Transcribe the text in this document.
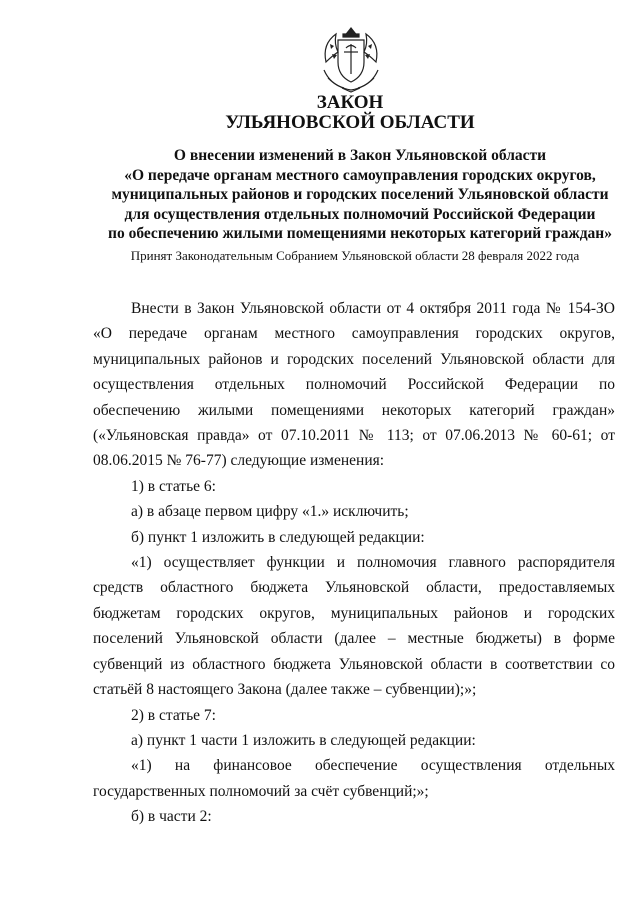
ЗАКОН
УЛЬЯНОВСКОЙ ОБЛАСТИ
О внесении изменений в Закон Ульяновской области
«О передаче органам местного самоуправления городских округов,
муниципальных районов и городских поселений Ульяновской области
для осуществления отдельных полномочий Российской Федерации
по обеспечению жилыми помещениями некоторых категорий граждан»
Принят Законодательным Собранием Ульяновской области 28 февраля 2022 года

Внести в Закон Ульяновской области от 4 октября 2011 года № 154-ЗО «О передаче органам местного самоуправления городских округов, муниципальных районов и городских поселений Ульяновской области для осуществления отдельных полномочий Российской Федерации по обеспечению жилыми помещениями некоторых категорий граждан» («Ульяновская правда» от 07.10.2011 № 113; от 07.06.2013 № 60-61; от 08.06.2015 № 76-77) следующие изменения:

1) в статье 6:

а) в абзаце первом цифру «1.» исключить;

б) пункт 1 изложить в следующей редакции:

«1) осуществляет функции и полномочия главного распорядителя средств областного бюджета Ульяновской области, предоставляемых бюджетам городских округов, муниципальных районов и городских поселений Ульяновской области (далее – местные бюджеты) в форме субвенций из областного бюджета Ульяновской области в соответствии со статьёй 8 настоящего Закона (далее также – субвенции);»;

2) в статье 7:

а) пункт 1 части 1 изложить в следующей редакции:

«1) на финансовое обеспечение осуществления отдельных государственных полномочий за счёт субвенций;»;

б) в части 2:
